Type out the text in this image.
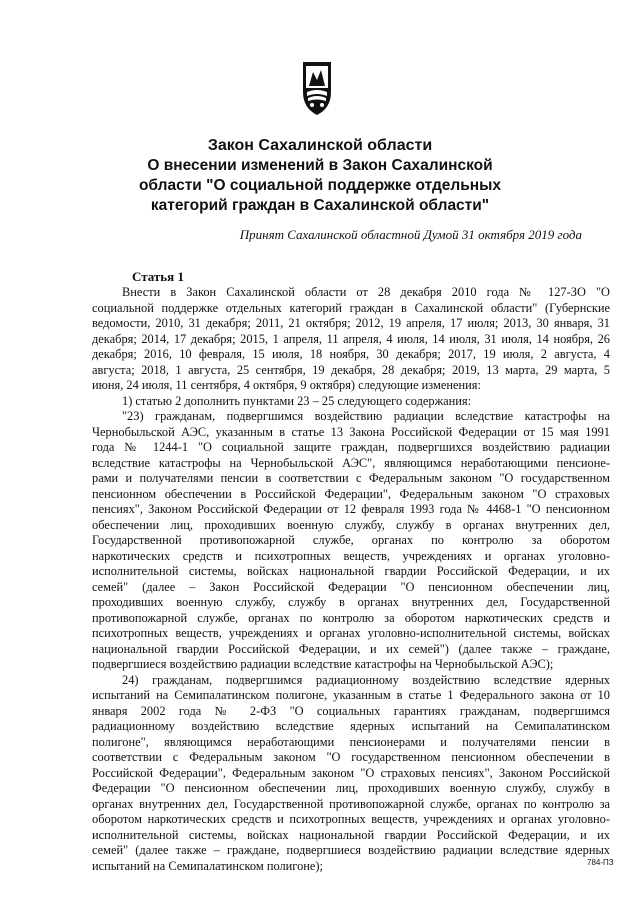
Закон Сахалинской области
О внесении изменений в Закон Сахалинской
области "О социальной поддержке отдельных
категорий граждан в Сахалинской области"
Принят Сахалинской областной Думой 31 октября 2019 года
Статья 1
Внести в Закон Сахалинской области от 28 декабря 2010 года № 127-ЗО "О
социальной поддержке отдельных категорий граждан в Сахалинской области" (Губернские
ведомости, 2010, 31 декабря; 2011, 21 октября; 2012, 19 апреля, 17 июля; 2013, 30 января, 31
декабря; 2014, 17 декабря; 2015, 1 апреля, 11 апреля, 4 июля, 14 июля, 31 июля, 14 ноября, 26
декабря; 2016, 10 февраля, 15 июля, 18 ноября, 30 декабря; 2017, 19 июля, 2 августа, 4
августа; 2018, 1 августа, 25 сентября, 19 декабря, 28 декабря; 2019, 13 марта, 29 марта, 5
июня, 24 июля, 11 сентября, 4 октября, 9 октября) следующие изменения:
1) статью 2 дополнить пунктами 23 – 25 следующего содержания:
"23) гражданам, подвергшимся воздействию радиации вследствие катастрофы на
Чернобыльской АЭС, указанным в статье 13 Закона Российской Федерации от 15 мая 1991
года № 1244-1 "О социальной защите граждан, подвергшихся воздействию радиации
вследствие катастрофы на Чернобыльской АЭС", являющимся неработающими пенсионе-
рами и получателями пенсии в соответствии с Федеральным законом "О государственном
пенсионном обеспечении в Российской Федерации", Федеральным законом "О страховых
пенсиях", Законом Российской Федерации от 12 февраля 1993 года № 4468-1 "О пенсионном
обеспечении лиц, проходивших военную службу, службу в органах внутренних дел,
Государственной противопожарной службе, органах по контролю за оборотом
наркотических средств и психотропных веществ, учреждениях и органах уголовно-
исполнительной системы, войсках национальной гвардии Российской Федерации, и их
семей" (далее – Закон Российской Федерации "О пенсионном обеспечении лиц,
проходивших военную службу, службу в органах внутренних дел, Государственной
противопожарной службе, органах по контролю за оборотом наркотических средств и
психотропных веществ, учреждениях и органах уголовно-исполнительной системы, войсках
национальной гвардии Российской Федерации, и их семей") (далее также – граждане,
подвергшиеся воздействию радиации вследствие катастрофы на Чернобыльской АЭС);
24) гражданам, подвергшимся радиационному воздействию вследствие ядерных
испытаний на Семипалатинском полигоне, указанным в статье 1 Федерального закона от 10
января 2002 года № 2-ФЗ "О социальных гарантиях гражданам, подвергшимся
радиационному воздействию вследствие ядерных испытаний на Семипалатинском
полигоне", являющимся неработающими пенсионерами и получателями пенсии в
соответствии с Федеральным законом "О государственном пенсионном обеспечении в
Российской Федерации", Федеральным законом "О страховых пенсиях", Законом Российской
Федерации "О пенсионном обеспечении лиц, проходивших военную службу, службу в
органах внутренних дел, Государственной противопожарной службе, органах по контролю за
оборотом наркотических средств и психотропных веществ, учреждениях и органах уголовно-
исполнительной системы, войсках национальной гвардии Российской Федерации, и их
семей" (далее также – граждане, подвергшиеся воздействию радиации вследствие ядерных
испытаний на Семипалатинском полигоне);	784-ПЗ
